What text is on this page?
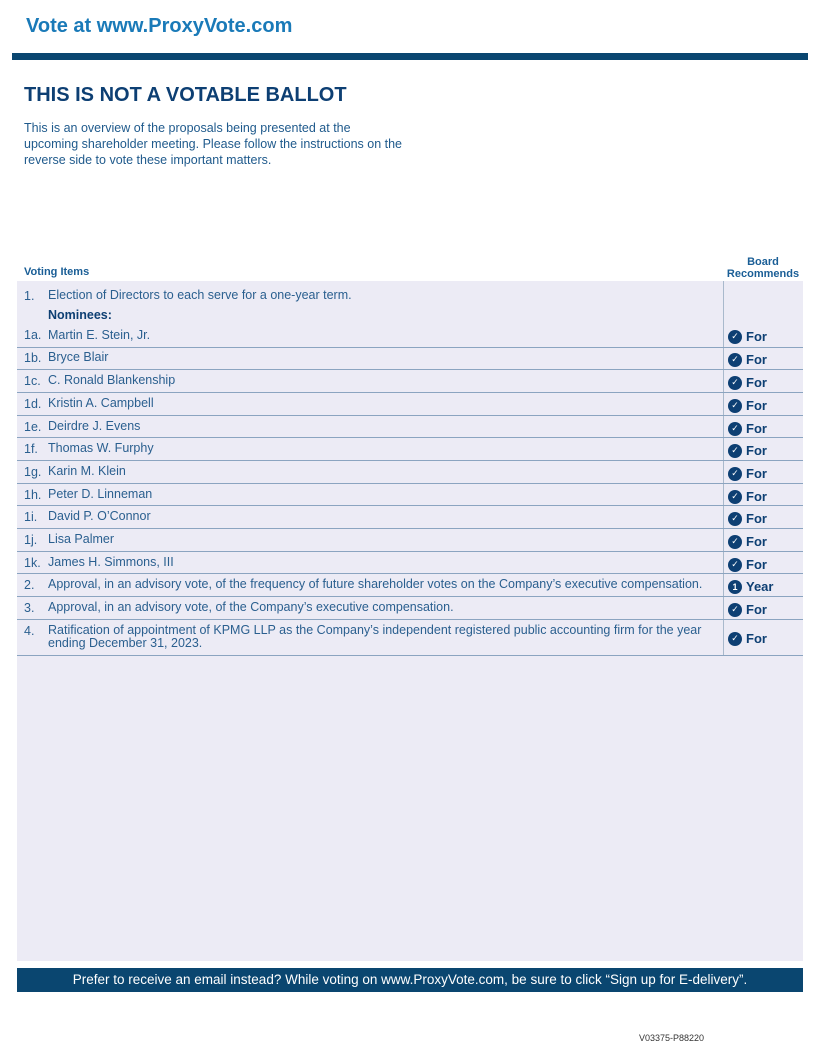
Vote at www.ProxyVote.com
THIS IS NOT A VOTABLE BALLOT
This is an overview of the proposals being presented at the upcoming shareholder meeting. Please follow the instructions on the reverse side to vote these important matters.
Voting Items
Board
Recommends
1. Election of Directors to each serve for a one-year term.
Nominees:
1a. Martin E. Stein, Jr.	✓ For
1b. Bryce Blair	✓ For
1c. C. Ronald Blankenship	✓ For
1d. Kristin A. Campbell	✓ For
1e. Deirdre J. Evens	✓ For
1f. Thomas W. Furphy	✓ For
1g. Karin M. Klein	✓ For
1h. Peter D. Linneman	✓ For
1i. David P. O’Connor	✓ For
1j. Lisa Palmer	✓ For
1k. James H. Simmons, III	✓ For
2. Approval, in an advisory vote, of the frequency of future shareholder votes on the Company’s executive compensation.	1 Year
3. Approval, in an advisory vote, of the Company’s executive compensation.	✓ For
4. Ratification of appointment of KPMG LLP as the Company’s independent registered public accounting firm for the year ending December 31, 2023.	✓ For
Prefer to receive an email instead? While voting on www.ProxyVote.com, be sure to click “Sign up for E-delivery”.
V03375-P88220
